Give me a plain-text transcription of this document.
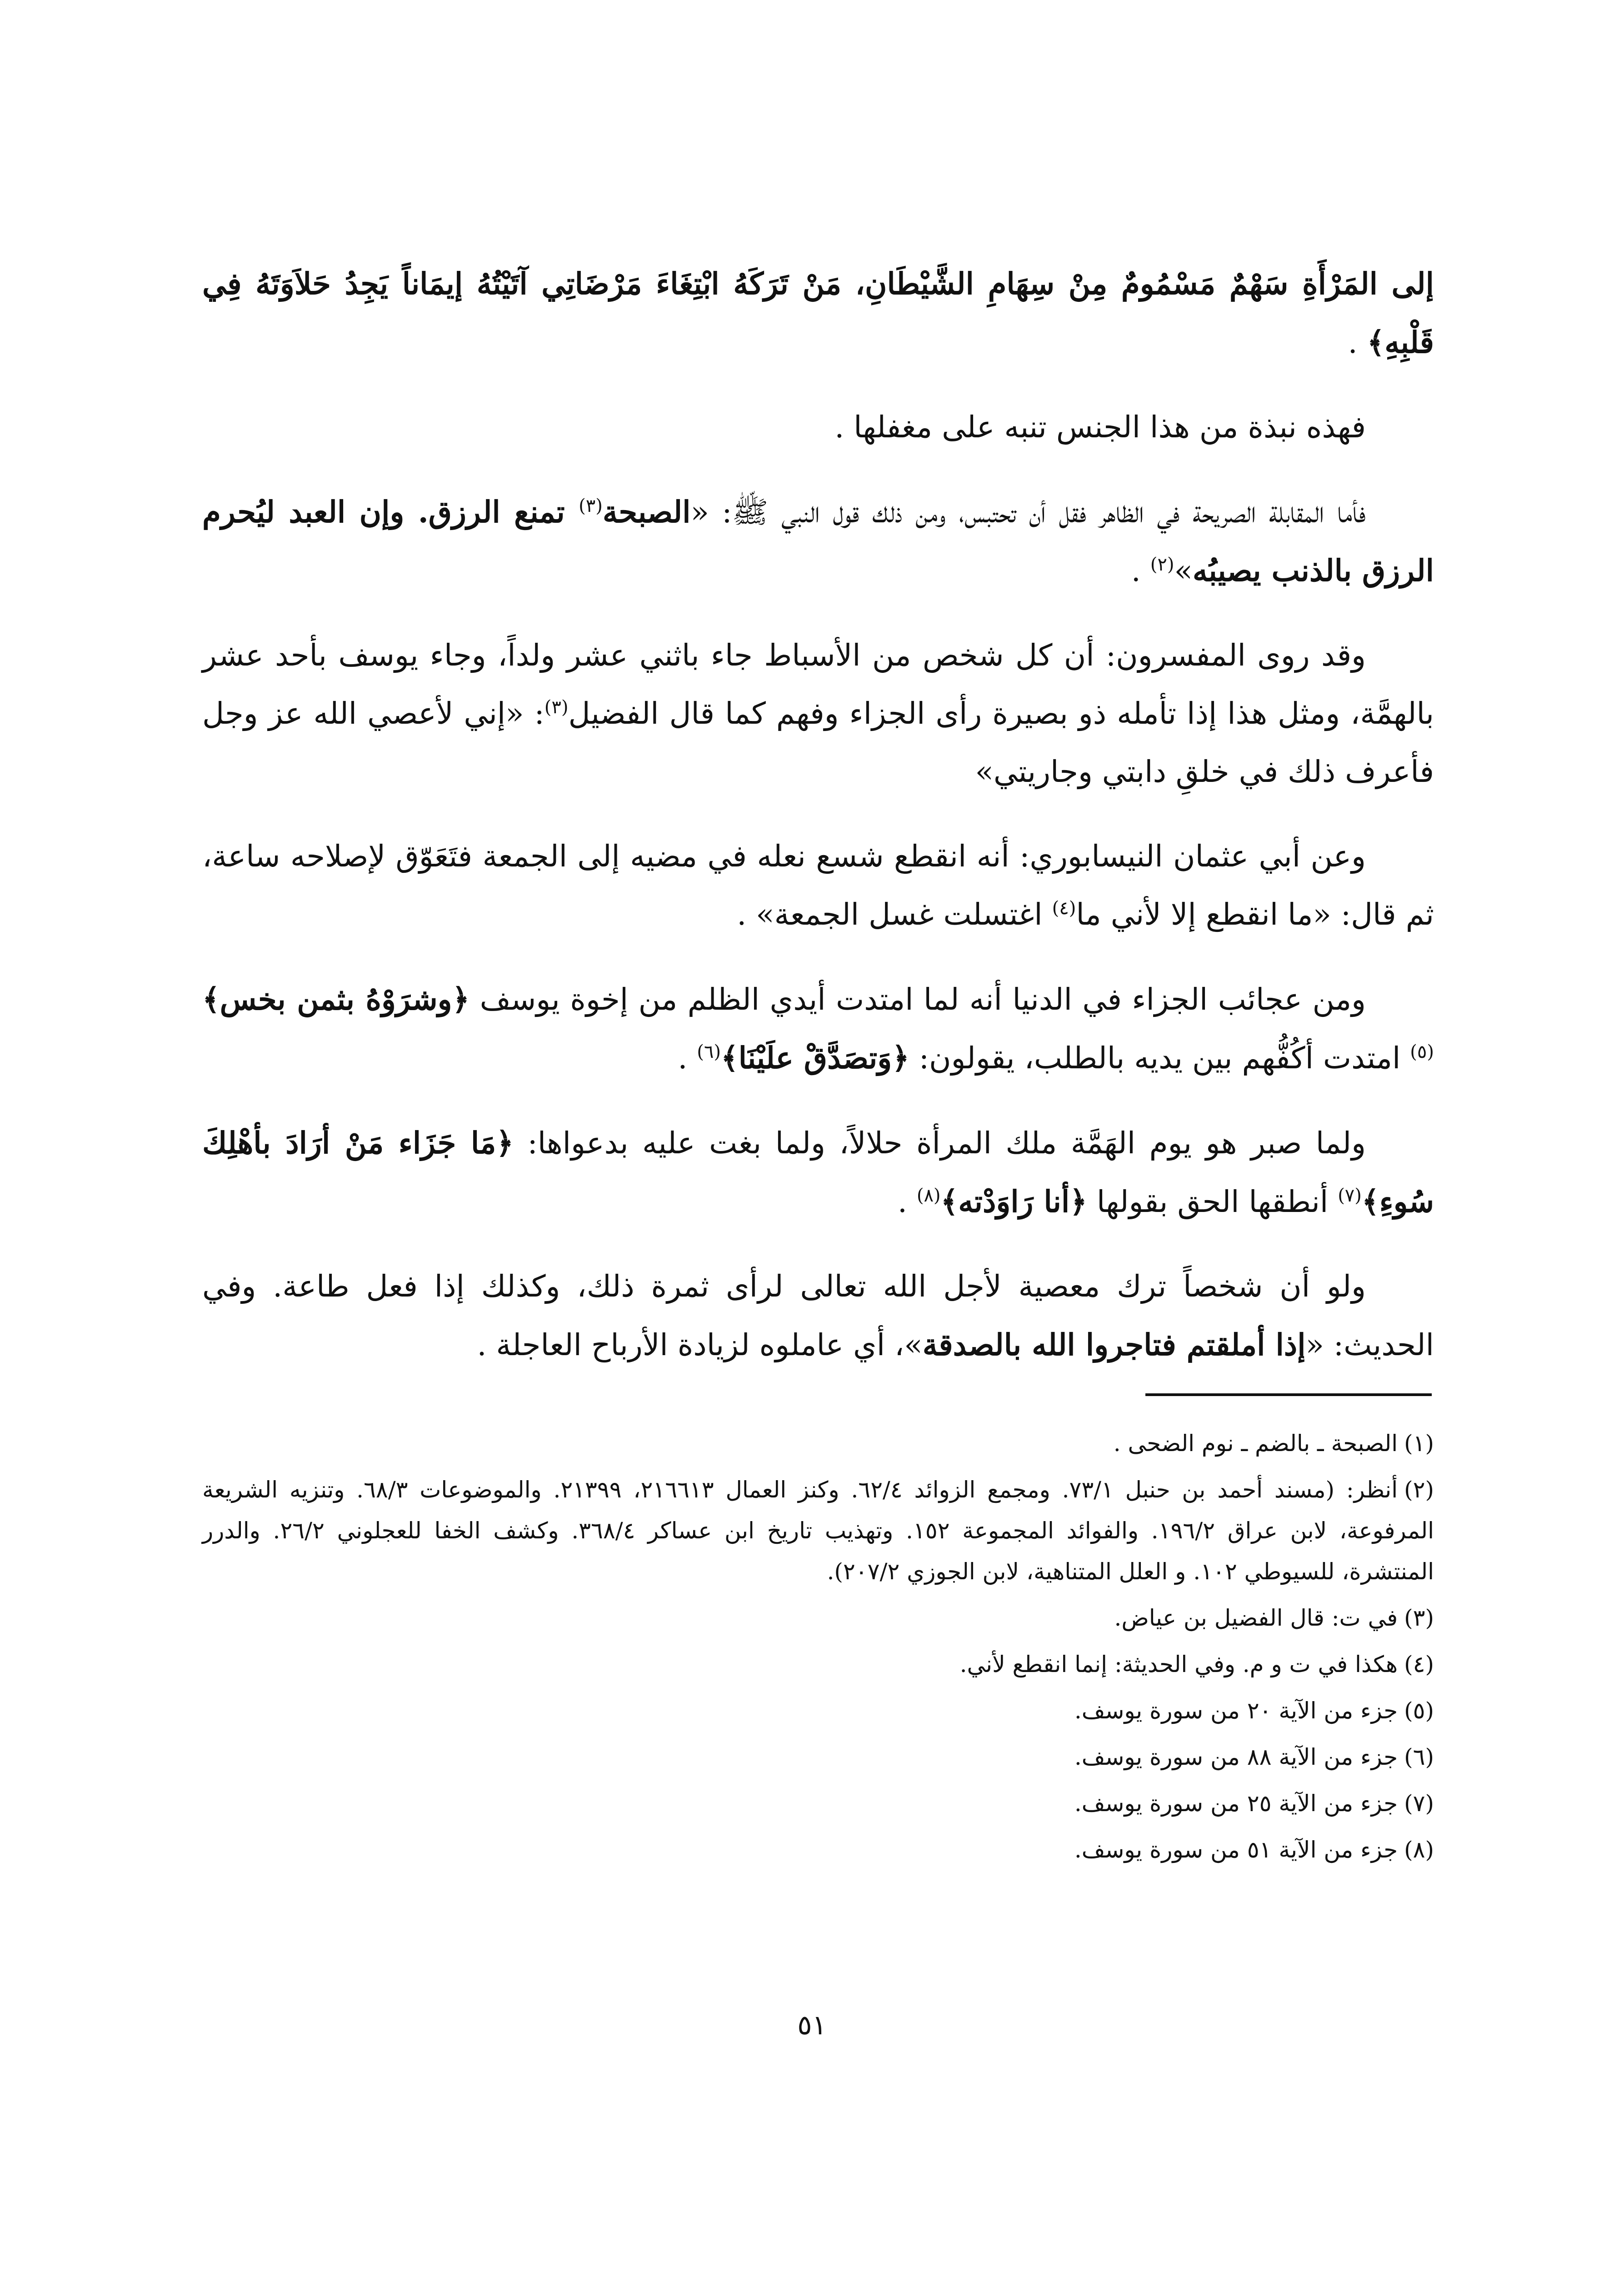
إلى المَرْأَةِ سَهْمٌ مَسْمُومٌ مِنْ سِهَامِ الشَّيْطَانِ، مَنْ تَرَكَهُ ابْتِغَاءَ مَرْضَاتِي آتَيْتُهُ إيمَاناً يَجِدُ حَلاَوَتَهُ فِي قَلْبِهِ﴾ .

فهذه نبذة من هذا الجنس تنبه على مغفلها .

فأما المقابلة الصريحة في الظاهر فقل أن تحتبس، ومن ذلك قول النبي ﷺ: «الصبحة$^{(٣)}$ تمنع الرزق. وإن العبد ليُحرم الرزق بالذنب يصيبُه»$^{(٢)}$ .

وقد روى المفسرون: أن كل شخص من الأسباط جاء باثني عشر ولداً، وجاء يوسف بأحد عشر بالهمَّة، ومثل هذا إذا تأمله ذو بصيرة رأى الجزاء وفهم كما قال الفضيل$^{(٣)}$: «إني لأعصي الله عز وجل فأعرف ذلك في خلقِ دابتي وجاريتي»

وعن أبي عثمان النيسابوري: أنه انقطع شسع نعله في مضيه إلى الجمعة فتَعَوّق لإصلاحه ساعة، ثم قال: «ما انقطع إلا لأني ما$^{(٤)}$ اغتسلت غسل الجمعة» .

ومن عجائب الجزاء في الدنيا أنه لما امتدت أيدي الظلم من إخوة يوسف ﴿وشرَوْهُ بثمن بخس﴾$^{(٥)}$ امتدت أكُفُّهم بين يديه بالطلب، يقولون: ﴿وَتصَدَّقْ علَيْنَا﴾$^{(٦)}$ .

ولما صبر هو يوم الهَمَّة ملك المرأة حلالاً، ولما بغت عليه بدعواها: ﴿مَا جَزَاء مَنْ أرَادَ بأهْلِكَ سُوءِ﴾$^{(٧)}$ أنطقها الحق بقولها ﴿أنا رَاوَدْته﴾$^{(٨)}$ .

ولو أن شخصاً ترك معصية لأجل الله تعالى لرأى ثمرة ذلك، وكذلك إذا فعل طاعة. وفي الحديث: «إذا أملقتم فتاجروا الله بالصدقة»، أي عاملوه لزيادة الأرباح العاجلة .

(١)الصبحة ـ بالضم ـ نوم الضحى .
(٢)أنظر: (مسند أحمد بن حنبل ٧٣/١. ومجمع الزوائد ٦٢/٤. وكنز العمال ٢١٦٦١٣، ٢١٣٩٩. والموضوعات ٦٨/٣. وتنزيه الشريعة المرفوعة، لابن عراق ١٩٦/٢. والفوائد المجموعة ١٥٢. وتهذيب تاريخ ابن عساكر ٣٦٨/٤. وكشف الخفا للعجلوني ٢٦/٢. والدرر المنتشرة، للسيوطي ١٠٢. و العلل المتناهية، لابن الجوزي ٢٠٧/٢).
(٣)في ت: قال الفضيل بن عياض.
(٤)هكذا في ت و م. وفي الحديثة: إنما انقطع لأني.
(٥)جزء من الآية ٢٠ من سورة يوسف.
(٦)جزء من الآية ٨٨ من سورة يوسف.
(٧)جزء من الآية ٢٥ من سورة يوسف.
(٨)جزء من الآية ٥١ من سورة يوسف.
٥١
